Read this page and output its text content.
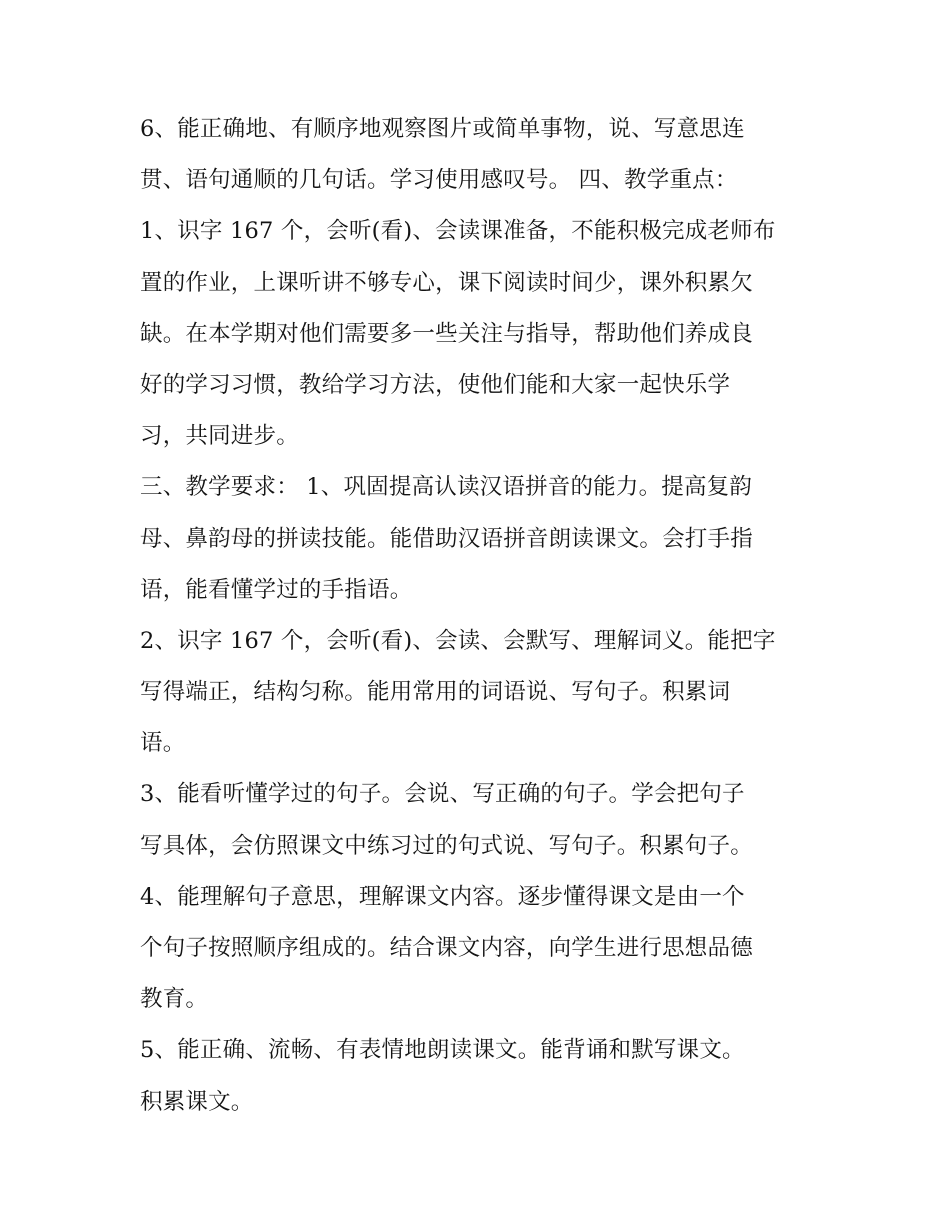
6、能正确地、有顺序地观察图片或简单事物，说、写意思连
贯、语句通顺的几句话。学习使用感叹号。 四、教学重点：
1、识字 167 个，会听(看)、会读课准备，不能积极完成老师布
置的作业，上课听讲不够专心，课下阅读时间少，课外积累欠
缺。在本学期对他们需要多一些关注与指导，帮助他们养成良
好的学习习惯，教给学习方法，使他们能和大家一起快乐学
习，共同进步。
三、教学要求： 1、巩固提高认读汉语拼音的能力。提高复韵
母、鼻韵母的拼读技能。能借助汉语拼音朗读课文。会打手指
语，能看懂学过的手指语。
2、识字 167 个，会听(看)、会读、会默写、理解词义。能把字
写得端正，结构匀称。能用常用的词语说、写句子。积累词
语。
3、能看听懂学过的句子。会说、写正确的句子。学会把句子
写具体，会仿照课文中练习过的句式说、写句子。积累句子。
4、能理解句子意思，理解课文内容。逐步懂得课文是由一个
个句子按照顺序组成的。结合课文内容，向学生进行思想品德
教育。
5、能正确、流畅、有表情地朗读课文。能背诵和默写课文。
积累课文。
